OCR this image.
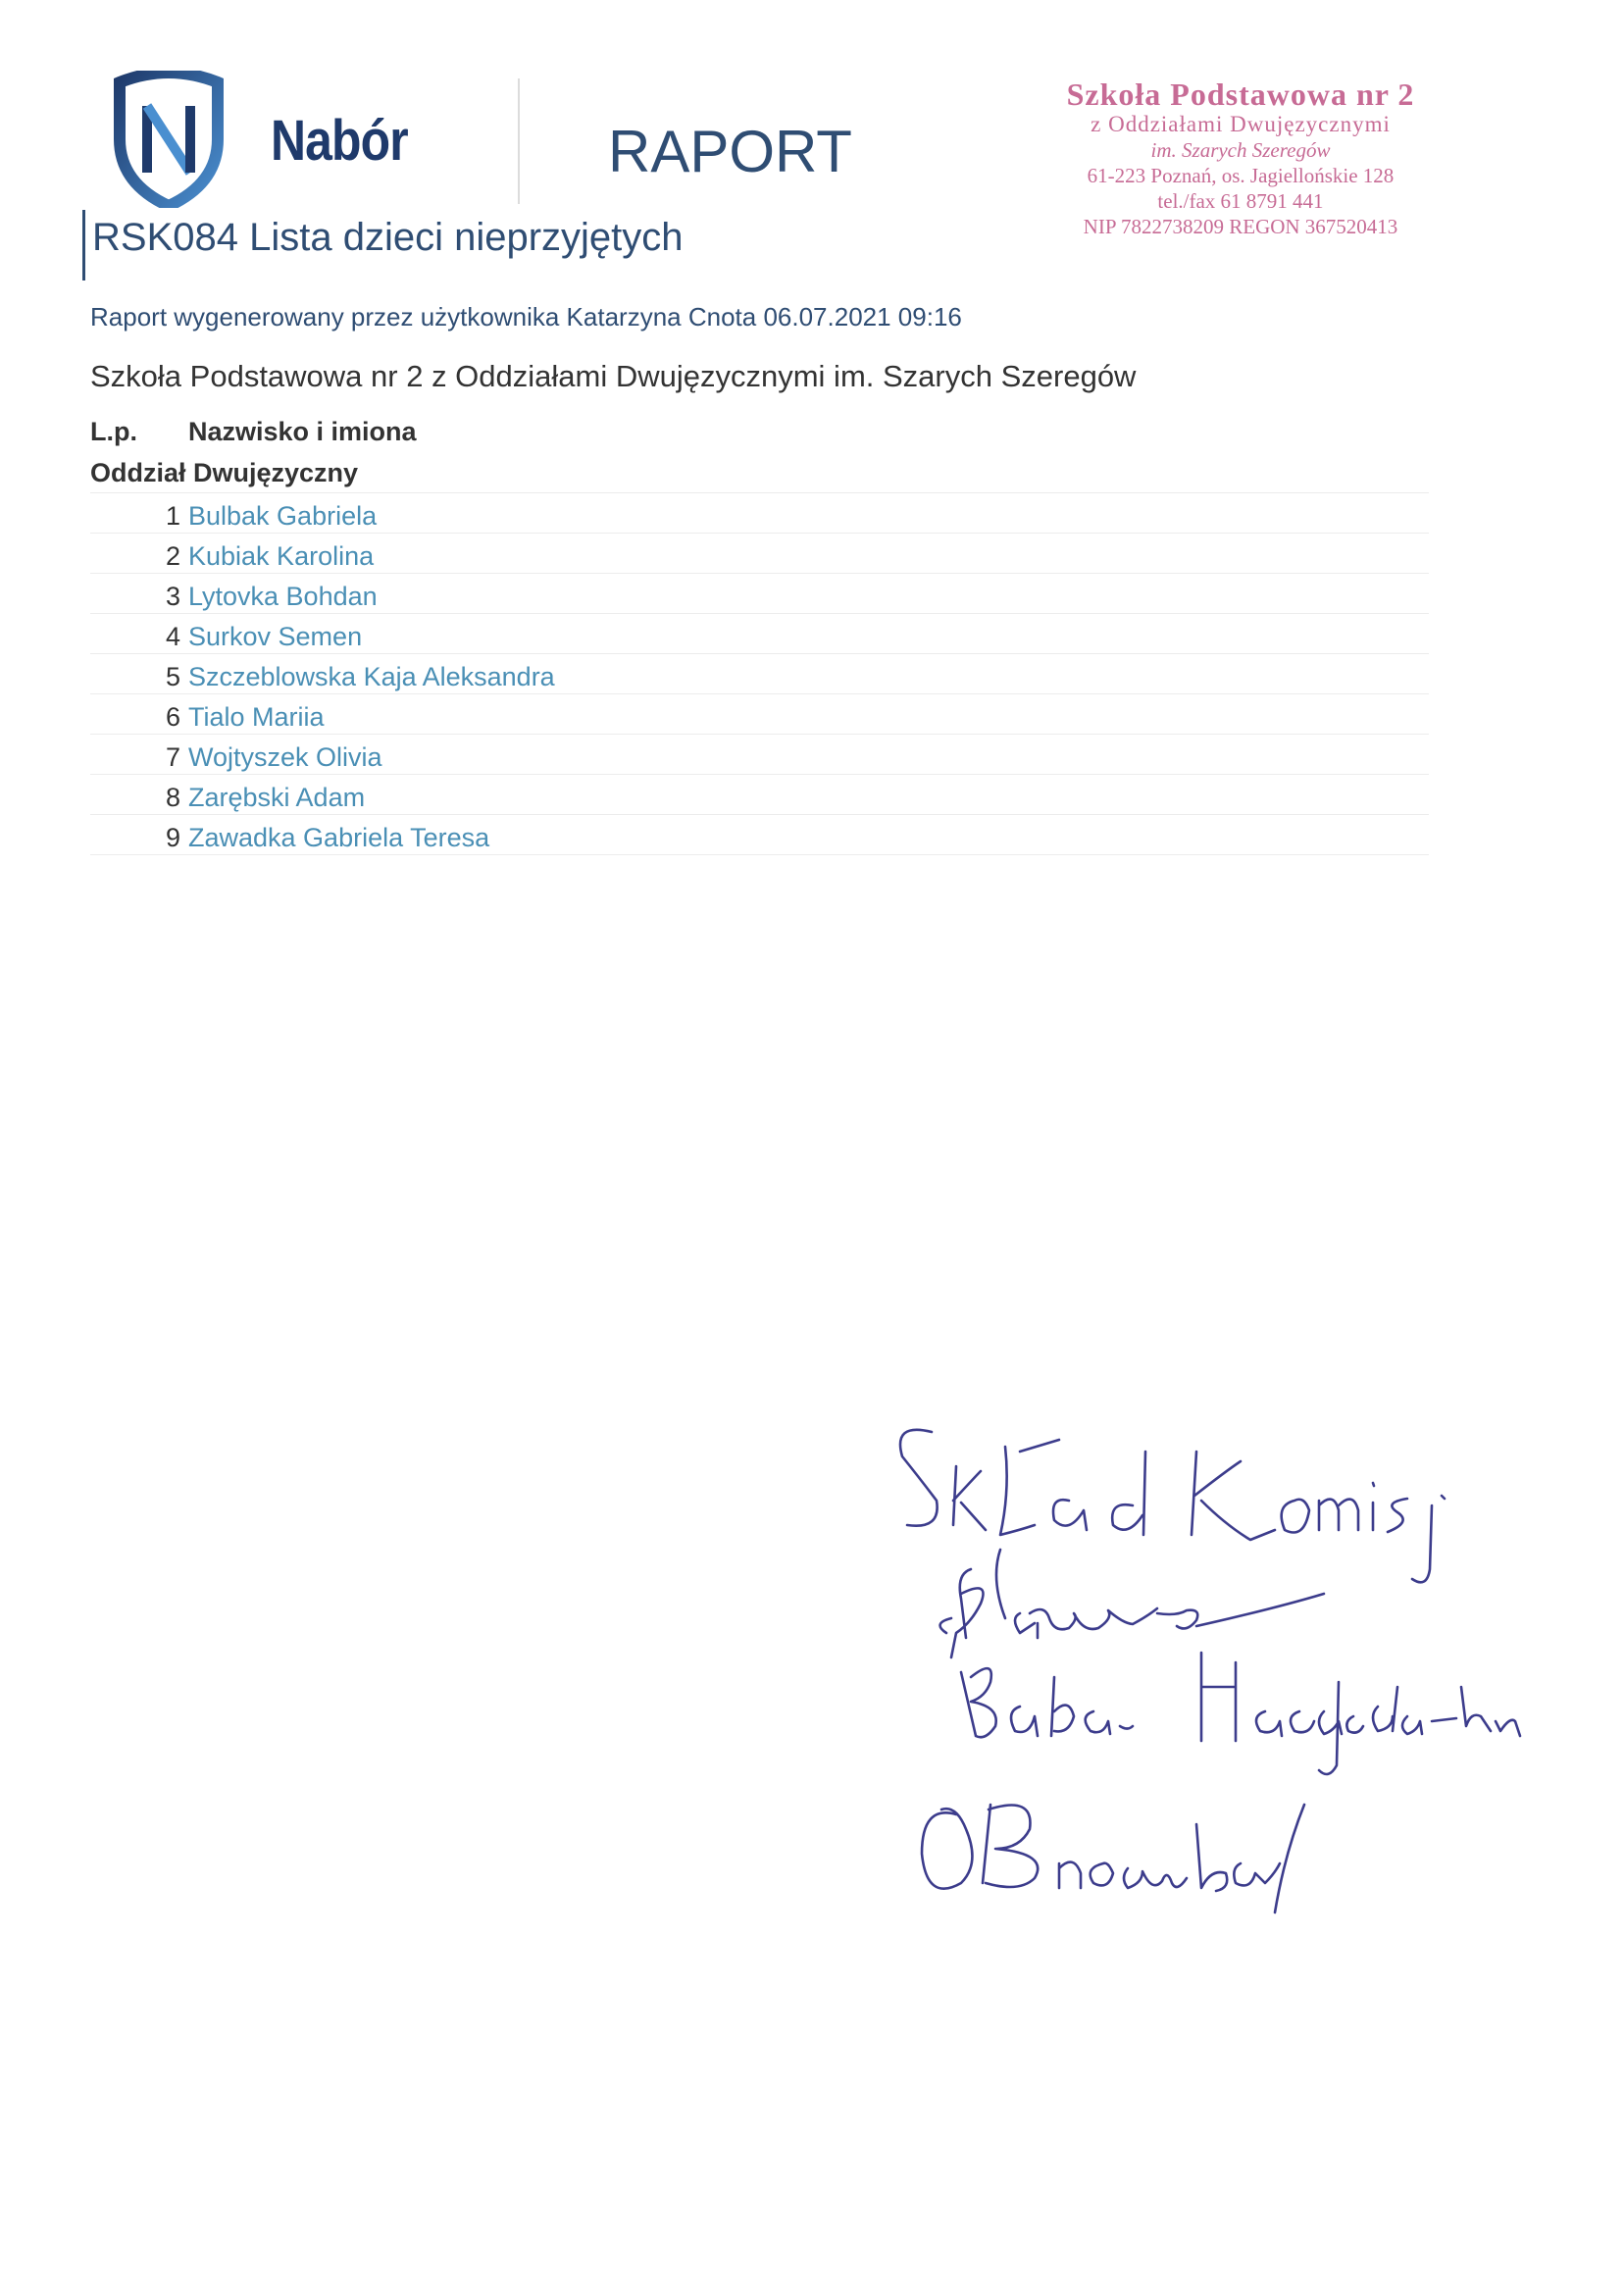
Nabór	RAPORT
RSK084 Lista dzieci nieprzyjętych
Szkoła Podstawowa nr 2
z Oddziałami Dwujęzycznymi
im. Szarych Szeregów
61-223 Poznań, os. Jagiellońskie 128
tel./fax 61 8791 441
NIP 7822738209 REGON 367520413
Raport wygenerowany przez użytkownika Katarzyna Cnota 06.07.2021 09:16
Szkoła Podstawowa nr 2 z Oddziałami Dwujęzycznymi im. Szarych Szeregów
L.p. Nazwisko i imiona
Oddział Dwujęzyczny
1 Bulbak Gabriela
2 Kubiak Karolina
3 Lytovka Bohdan
4 Surkov Semen
5 Szczeblowska Kaja Aleksandra
6 Tialo Mariia
7 Wojtyszek Olivia
8 Zarębski Adam
9 Zawadka Gabriela Teresa
